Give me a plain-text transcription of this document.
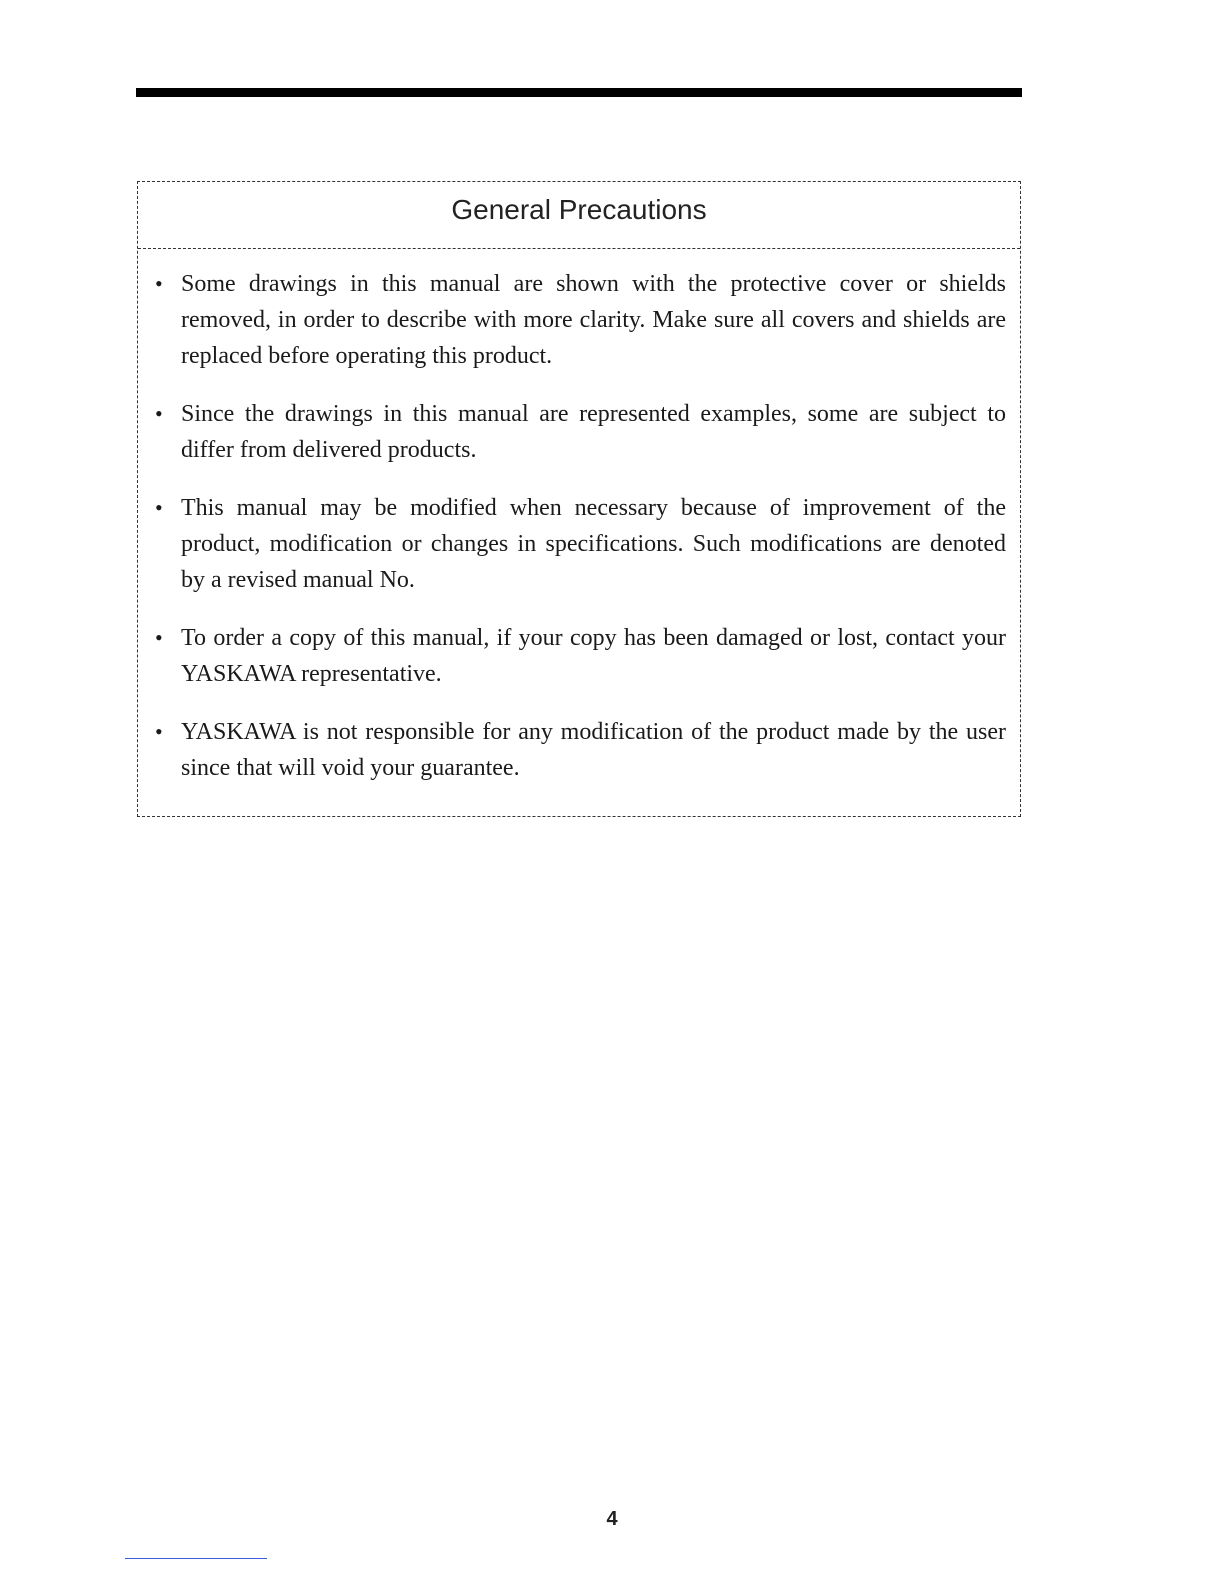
General Precautions
• Some drawings in this manual are shown with the protective cover or shields removed, in order to describe with more clarity. Make sure all covers and shields are replaced before operating this product.
• Since the drawings in this manual are represented examples, some are subject to differ from delivered products.
• This manual may be modified when necessary because of improvement of the product, modification or changes in specifications. Such modifications are denoted by a revised manual No.
• To order a copy of this manual, if your copy has been damaged or lost, contact your YASKAWA representative.
• YASKAWA is not responsible for any modification of the product made by the user since that will void your guarantee.
4
